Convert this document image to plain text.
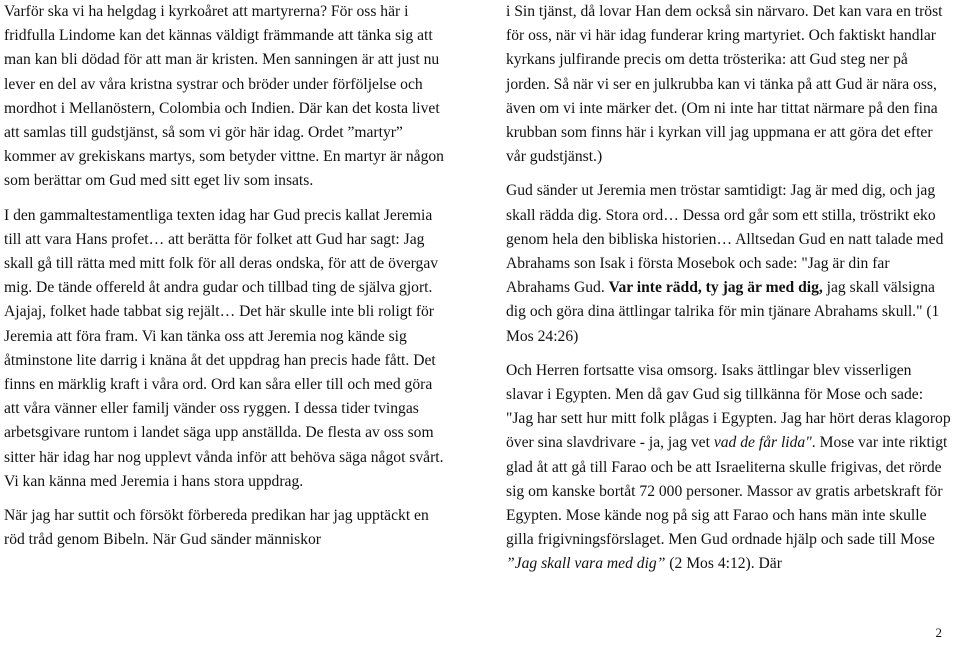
Varför ska vi ha helgdag i kyrkoåret att martyrerna? För oss här i fridfulla Lindome kan det kännas väldigt främmande att tänka sig att man kan bli dödad för att man är kristen. Men sanningen är att just nu lever en del av våra kristna systrar och bröder under förföljelse och mordhot i Mellanöstern, Colombia och Indien. Där kan det kosta livet att samlas till gudstjänst, så som vi gör här idag. Ordet ”martyr” kommer av grekiskans martys, som betyder vittne. En martyr är någon som berättar om Gud med sitt eget liv som insats.

I den gammaltestamentliga texten idag har Gud precis kallat Jeremia till att vara Hans profet… att berätta för folket att Gud har sagt: Jag skall gå till rätta med mitt folk för all deras ondska, för att de övergav mig. De tände offereld åt andra gudar och tillbad ting de själva gjort. Ajajaj, folket hade tabbat sig rejält… Det här skulle inte bli roligt för Jeremia att föra fram. Vi kan tänka oss att Jeremia nog kände sig åtminstone lite darrig i knäna åt det uppdrag han precis hade fått. Det finns en märklig kraft i våra ord. Ord kan såra eller till och med göra att våra vänner eller familj vänder oss ryggen. I dessa tider tvingas arbetsgivare runtom i landet säga upp anställda. De flesta av oss som sitter här idag har nog upplevt vånda inför att behöva säga något svårt. Vi kan känna med Jeremia i hans stora uppdrag.

När jag har suttit och försökt förbereda predikan har jag upptäckt en röd tråd genom Bibeln. När Gud sänder människor

i Sin tjänst, då lovar Han dem också sin närvaro. Det kan vara en tröst för oss, när vi här idag funderar kring martyriet. Och faktiskt handlar kyrkans julfirande precis om detta trösterika: att Gud steg ner på jorden. Så när vi ser en julkrubba kan vi tänka på att Gud är nära oss, även om vi inte märker det. (Om ni inte har tittat närmare på den fina krubban som finns här i kyrkan vill jag uppmana er att göra det efter vår gudstjänst.)

Gud sänder ut Jeremia men tröstar samtidigt: Jag är med dig, och jag skall rädda dig. Stora ord… Dessa ord går som ett stilla, tröstrikt eko genom hela den bibliska historien… Alltsedan Gud en natt talade med Abrahams son Isak i första Mosebok och sade: "Jag är din far Abrahams Gud. Var inte rädd, ty jag är med dig, jag skall välsigna dig och göra dina ättlingar talrika för min tjänare Abrahams skull." (1 Mos 24:26)

Och Herren fortsatte visa omsorg. Isaks ättlingar blev visserligen slavar i Egypten. Men då gav Gud sig tillkänna för Mose och sade: "Jag har sett hur mitt folk plågas i Egypten. Jag har hört deras klagorop över sina slavdrivare - ja, jag vet vad de får lida". Mose var inte riktigt glad åt att gå till Farao och be att Israeliterna skulle frigivas, det rörde sig om kanske bortåt 72 000 personer. Massor av gratis arbetskraft för Egypten. Mose kände nog på sig att Farao och hans män inte skulle gilla frigivningsförslaget. Men Gud ordnade hjälp och sade till Mose ”Jag skall vara med dig” (2 Mos 4:12). Där

2
